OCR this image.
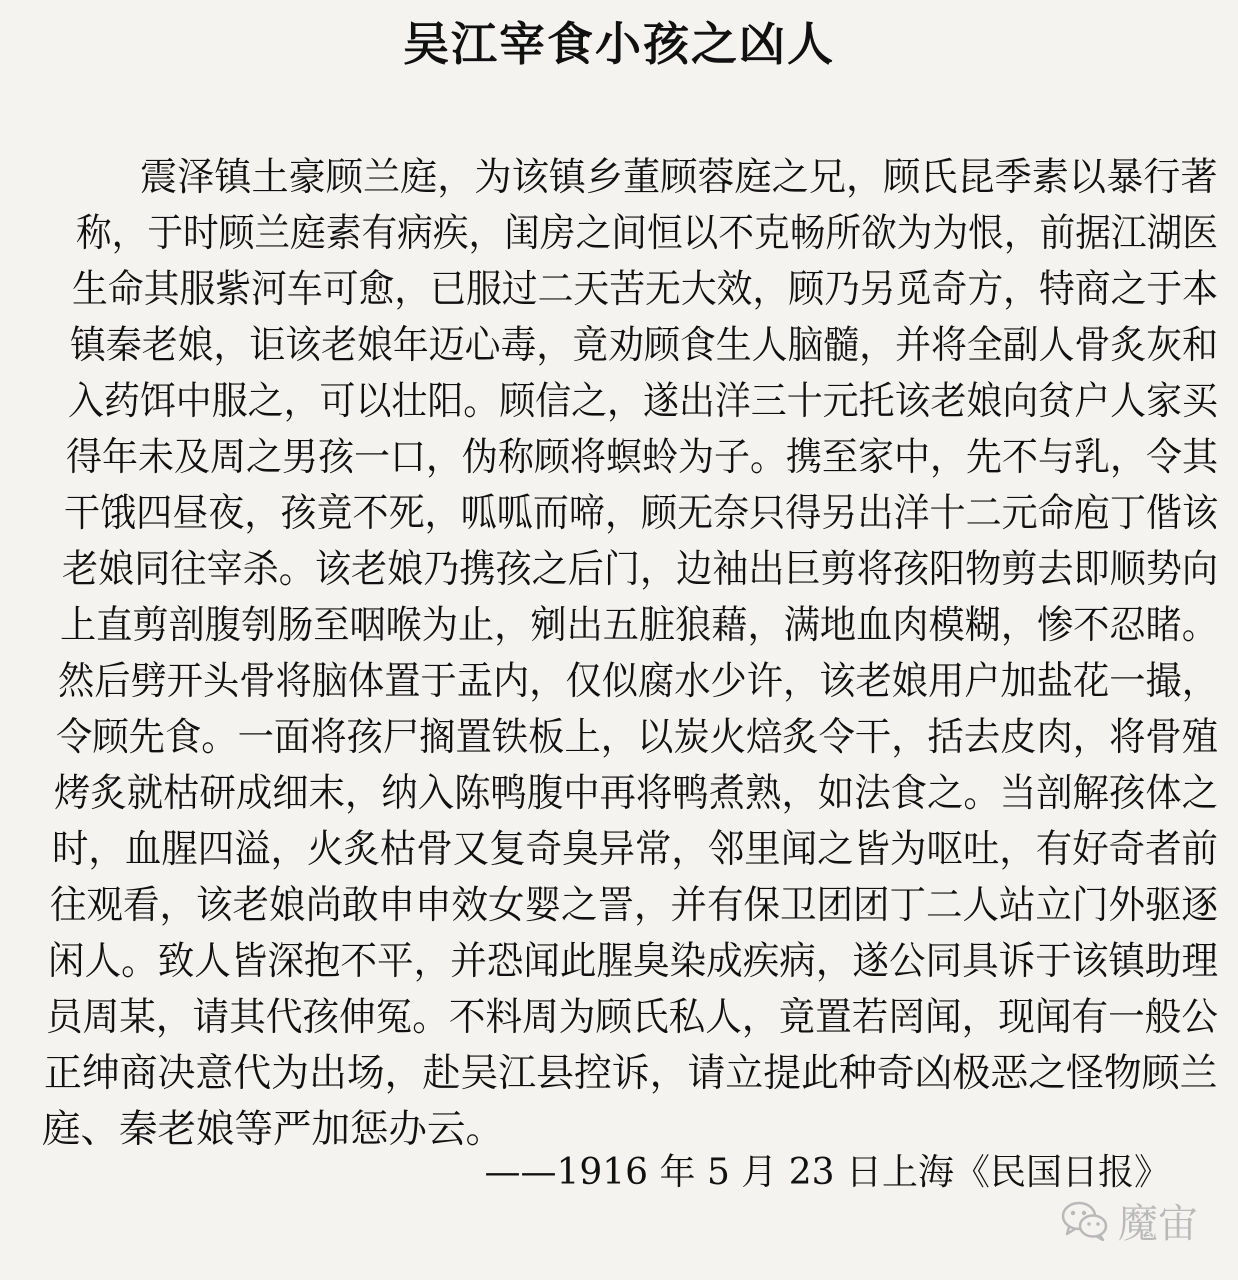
吴江宰食小孩之凶人
震泽镇土豪顾兰庭，为该镇乡董顾蓉庭之兄，顾氏昆季素以暴行著
称，于时顾兰庭素有病疾，闺房之间恒以不克畅所欲为为恨，前据江湖医
生命其服紫河车可愈，已服过二天苦无大效，顾乃另觅奇方，特商之于本
镇秦老娘，讵该老娘年迈心毒，竟劝顾食生人脑髓，并将全副人骨炙灰和
入药饵中服之，可以壮阳。顾信之，遂出洋三十元托该老娘向贫户人家买
得年未及周之男孩一口，伪称顾将螟蛉为子。携至家中，先不与乳，令其
干饿四昼夜，孩竟不死，呱呱而啼，顾无奈只得另出洋十二元命庖丁偕该
老娘同往宰杀。该老娘乃携孩之后门，边袖出巨剪将孩阳物剪去即顺势向
上直剪剖腹刳肠至咽喉为止，剜出五脏狼藉，满地血肉模糊，惨不忍睹。
然后劈开头骨将脑体置于盂内，仅似腐水少许，该老娘用户加盐花一撮，
令顾先食。一面将孩尸搁置铁板上，以炭火焙炙令干，括去皮肉，将骨殖
烤炙就枯研成细末，纳入陈鸭腹中再将鸭煮熟，如法食之。当剖解孩体之
时，血腥四溢，火炙枯骨又复奇臭异常，邻里闻之皆为呕吐，有好奇者前
往观看，该老娘尚敢申申效女婴之詈，并有保卫团团丁二人站立门外驱逐
闲人。致人皆深抱不平，并恐闻此腥臭染成疾病，遂公同具诉于该镇助理
员周某，请其代孩伸冤。不料周为顾氏私人，竟置若罔闻，现闻有一般公
正绅商决意代为出场，赴吴江县控诉，请立提此种奇凶极恶之怪物顾兰
庭、秦老娘等严加惩办云。
——1916 年 5 月 23 日上海《民国日报》
魔宙
